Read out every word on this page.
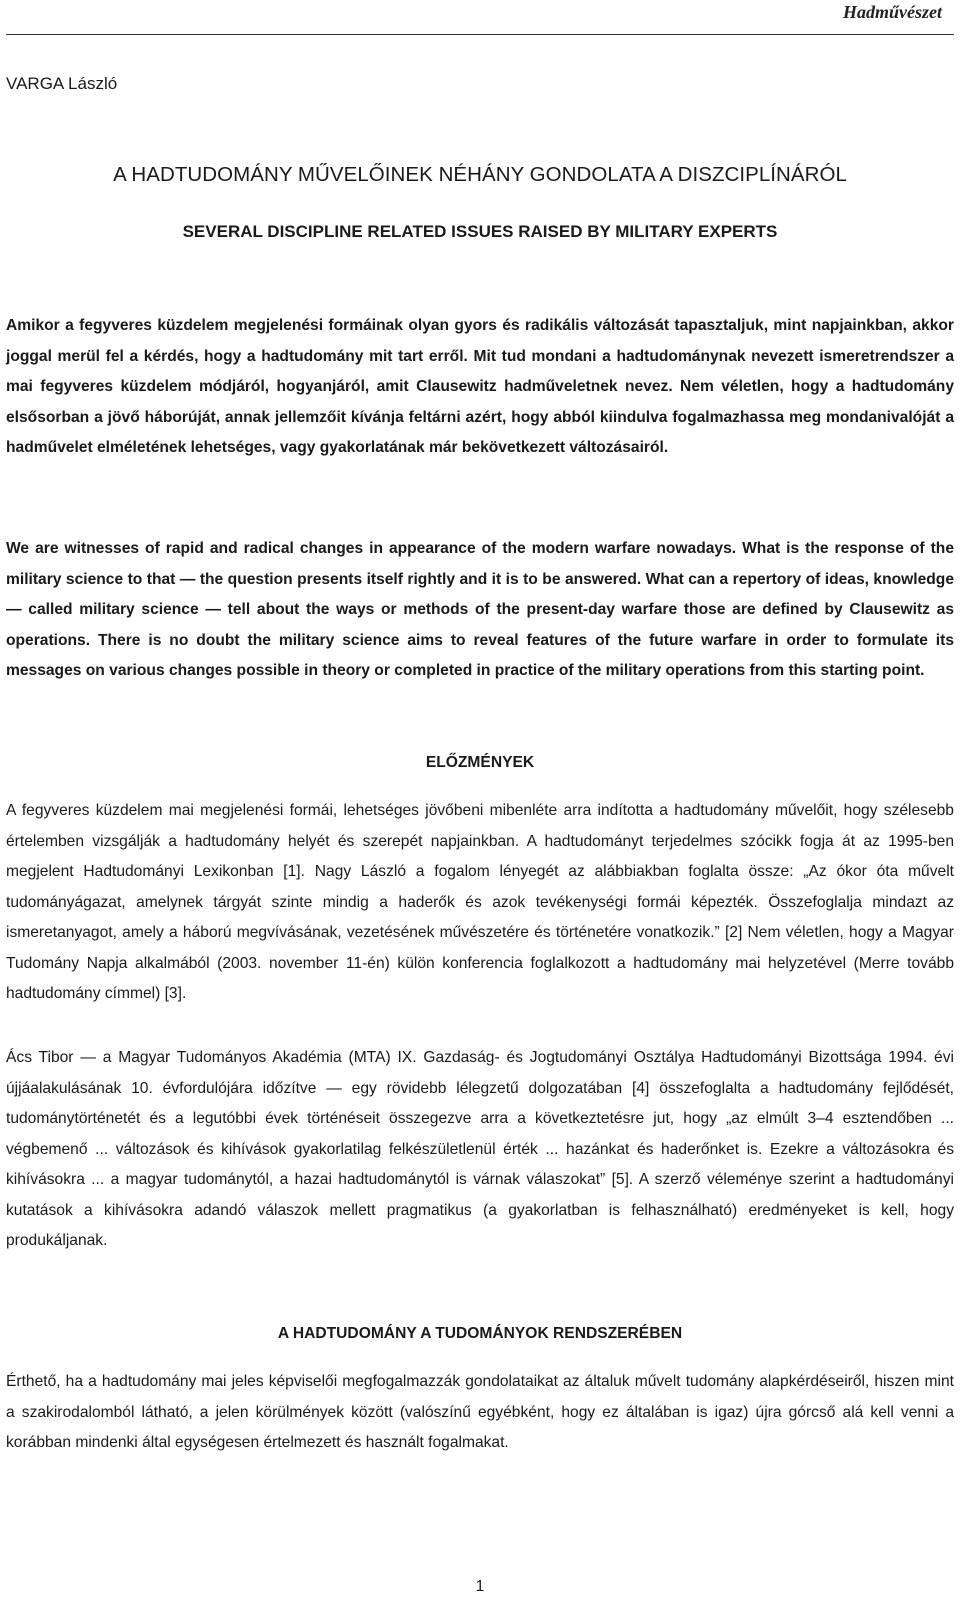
Hadművészet
VARGA László
A HADTUDOMÁNY MŰVELŐINEK NÉHÁNY GONDOLATA A DISZCIPLÍNÁRÓL
SEVERAL DISCIPLINE RELATED ISSUES RAISED BY MILITARY EXPERTS

Amikor a fegyveres küzdelem megjelenési formáinak olyan gyors és radikális változását tapasztaljuk, mint napjainkban, akkor joggal merül fel a kérdés, hogy a hadtudomány mit tart erről. Mit tud mondani a hadtudománynak nevezett ismeretrendszer a mai fegyveres küzdelem módjáról, hogyanjáról, amit Clausewitz hadműveletnek nevez. Nem véletlen, hogy a hadtudomány elsősorban a jövő háborúját, annak jellemzőit kívánja feltárni azért, hogy abból kiindulva fogalmazhassa meg mondanivalóját a hadművelet elméletének lehetséges, vagy gyakorlatának már bekövetkezett változásairól.

We are witnesses of rapid and radical changes in appearance of the modern warfare nowadays. What is the response of the military science to that — the question presents itself rightly and it is to be answered. What can a repertory of ideas, knowledge — called military science — tell about the ways or methods of the present-day warfare those are defined by Clausewitz as operations. There is no doubt the military science aims to reveal features of the future warfare in order to formulate its messages on various changes possible in theory or completed in practice of the military operations from this starting point.

ELŐZMÉNYEK

A fegyveres küzdelem mai megjelenési formái, lehetséges jövőbeni mibenléte arra indította a hadtudomány művelőit, hogy szélesebb értelemben vizsgálják a hadtudomány helyét és szerepét napjainkban. A hadtudományt terjedelmes szócikk fogja át az 1995-ben megjelent Hadtudományi Lexikonban [1]. Nagy László a fogalom lényegét az alábbiakban foglalta össze: „Az ókor óta művelt tudományágazat, amelynek tárgyát szinte mindig a haderők és azok tevékenységi formái képezték. Összefoglalja mindazt az ismeretanyagot, amely a háború megvívásának, vezetésének művészetére és történetére vonatkozik.” [2] Nem véletlen, hogy a Magyar Tudomány Napja alkalmából (2003. november 11-én) külön konferencia foglalkozott a hadtudomány mai helyzetével (Merre tovább hadtudomány címmel) [3].

Ács Tibor — a Magyar Tudományos Akadémia (MTA) IX. Gazdaság- és Jogtudományi Osztálya Hadtudományi Bizottsága 1994. évi újjáalakulásának 10. évfordulójára időzítve — egy rövidebb lélegzetű dolgozatában [4] összefoglalta a hadtudomány fejlődését, tudománytörténetét és a legutóbbi évek történéseit összegezve arra a következtetésre jut, hogy „az elmúlt 3–4 esztendőben ... végbemenő ... változások és kihívások gyakorlatilag felkészületlenül érték ... hazánkat és haderőnket is. Ezekre a változásokra és kihívásokra ... a magyar tudománytól, a hazai hadtudománytól is várnak válaszokat” [5]. A szerző véleménye szerint a hadtudományi kutatások a kihívásokra adandó válaszok mellett pragmatikus (a gyakorlatban is felhasználható) eredményeket is kell, hogy produkáljanak.

A HADTUDOMÁNY A TUDOMÁNYOK RENDSZERÉBEN

Érthető, ha a hadtudomány mai jeles képviselői megfogalmazzák gondolataikat az általuk művelt tudomány alapkérdéseiről, hiszen mint a szakirodalomból látható, a jelen körülmények között (valószínű egyébként, hogy ez általában is igaz) újra górcső alá kell venni a korábban mindenki által egységesen értelmezett és használt fogalmakat.

1
